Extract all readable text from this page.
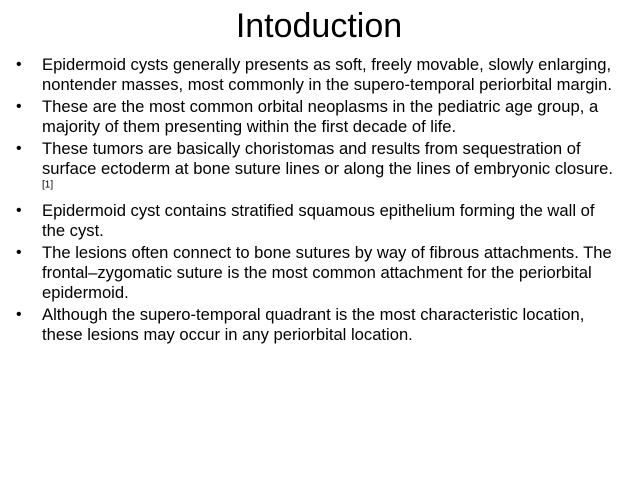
Intoduction
•	Epidermoid cysts generally presents as soft, freely movable, slowly enlarging, nontender masses, most commonly in the supero-temporal periorbital margin.
•	These are the most common orbital neoplasms in the pediatric age group, a majority of them presenting within the first decade of life.
•	These tumors are basically choristomas and results from sequestration of surface ectoderm at bone suture lines or along the lines of embryonic closure.[1]
•	Epidermoid cyst contains stratified squamous epithelium forming the wall of the cyst.
•	The lesions often connect to bone sutures by way of fibrous attachments. The frontal–zygomatic suture is the most common attachment for the periorbital epidermoid.
•	Although the supero-temporal quadrant is the most characteristic location, these lesions may occur in any periorbital location.
